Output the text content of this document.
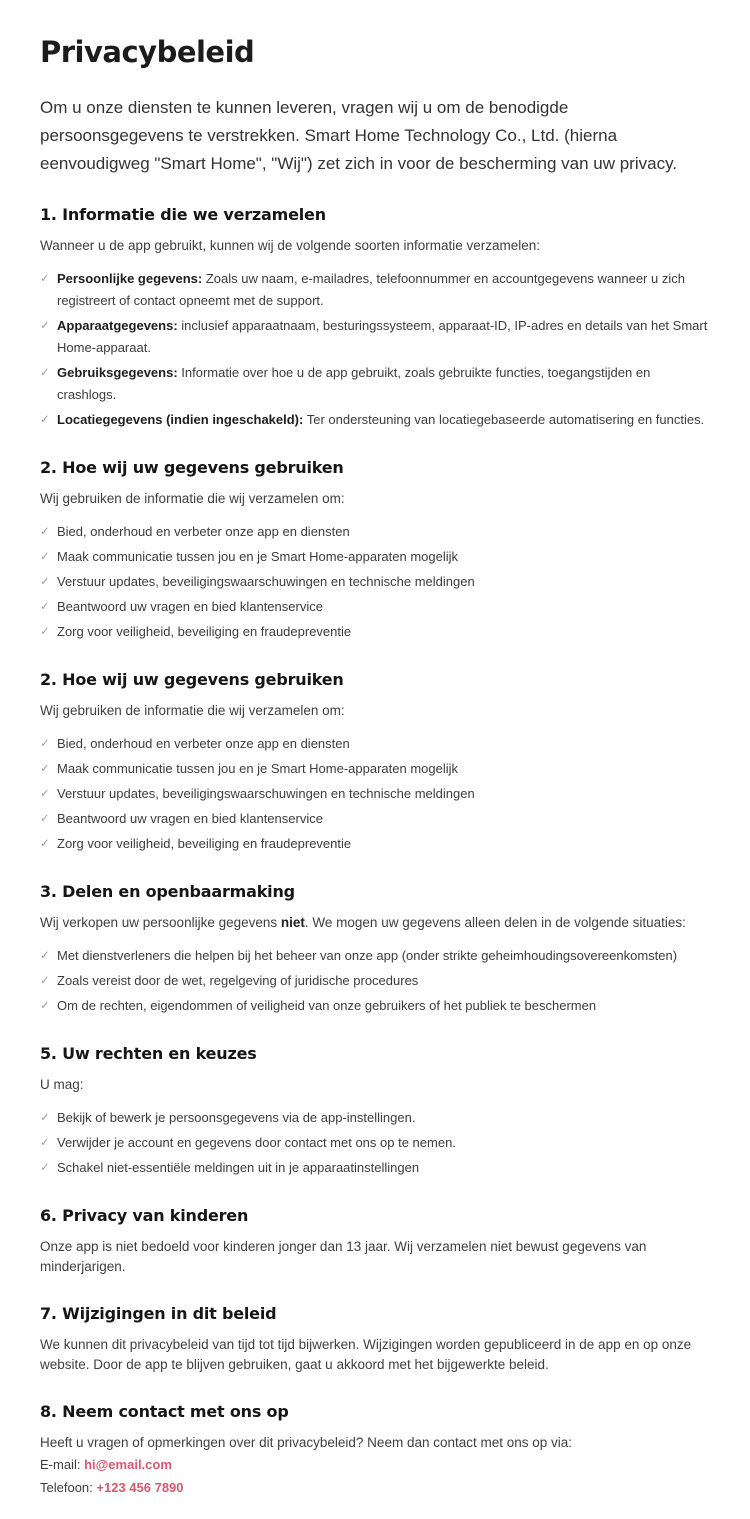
Privacybeleid

Om u onze diensten te kunnen leveren, vragen wij u om de benodigde persoonsgegevens te verstrekken. Smart Home Technology Co., Ltd. (hierna eenvoudigweg "Smart Home", "Wij") zet zich in voor de bescherming van uw privacy.

1. Informatie die we verzamelen

Wanneer u de app gebruikt, kunnen wij de volgende soorten informatie verzamelen:

✓ Persoonlijke gegevens: Zoals uw naam, e-mailadres, telefoonnummer en accountgegevens wanneer u zich registreert of contact opneemt met de support.
✓ Apparaatgegevens: inclusief apparaatnaam, besturingssysteem, apparaat-ID, IP-adres en details van het Smart Home-apparaat.
✓ Gebruiksgegevens: Informatie over hoe u de app gebruikt, zoals gebruikte functies, toegangstijden en crashlogs.
✓ Locatiegegevens (indien ingeschakeld): Ter ondersteuning van locatiegebaseerde automatisering en functies.
2. Hoe wij uw gegevens gebruiken

Wij gebruiken de informatie die wij verzamelen om:

✓ Bied, onderhoud en verbeter onze app en diensten
✓ Maak communicatie tussen jou en je Smart Home-apparaten mogelijk
✓ Verstuur updates, beveiligingswaarschuwingen en technische meldingen
✓ Beantwoord uw vragen en bied klantenservice
✓ Zorg voor veiligheid, beveiliging en fraudepreventie
2. Hoe wij uw gegevens gebruiken

Wij gebruiken de informatie die wij verzamelen om:

✓ Bied, onderhoud en verbeter onze app en diensten
✓ Maak communicatie tussen jou en je Smart Home-apparaten mogelijk
✓ Verstuur updates, beveiligingswaarschuwingen en technische meldingen
✓ Beantwoord uw vragen en bied klantenservice
✓ Zorg voor veiligheid, beveiliging en fraudepreventie
3. Delen en openbaarmaking

Wij verkopen uw persoonlijke gegevens niet. We mogen uw gegevens alleen delen in de volgende situaties:

✓ Met dienstverleners die helpen bij het beheer van onze app (onder strikte geheimhoudingsovereenkomsten)
✓ Zoals vereist door de wet, regelgeving of juridische procedures
✓ Om de rechten, eigendommen of veiligheid van onze gebruikers of het publiek te beschermen
5. Uw rechten en keuzes

U mag:

✓ Bekijk of bewerk je persoonsgegevens via de app-instellingen.
✓ Verwijder je account en gegevens door contact met ons op te nemen.
✓ Schakel niet-essentiële meldingen uit in je apparaatinstellingen
6. Privacy van kinderen

Onze app is niet bedoeld voor kinderen jonger dan 13 jaar. Wij verzamelen niet bewust gegevens van minderjarigen.

7. Wijzigingen in dit beleid

We kunnen dit privacybeleid van tijd tot tijd bijwerken. Wijzigingen worden gepubliceerd in de app en op onze website. Door de app te blijven gebruiken, gaat u akkoord met het bijgewerkte beleid.

8. Neem contact met ons op

Heeft u vragen of opmerkingen over dit privacybeleid? Neem dan contact met ons op via:

E-mail: hi@email.com

Telefoon: +123 456 7890
